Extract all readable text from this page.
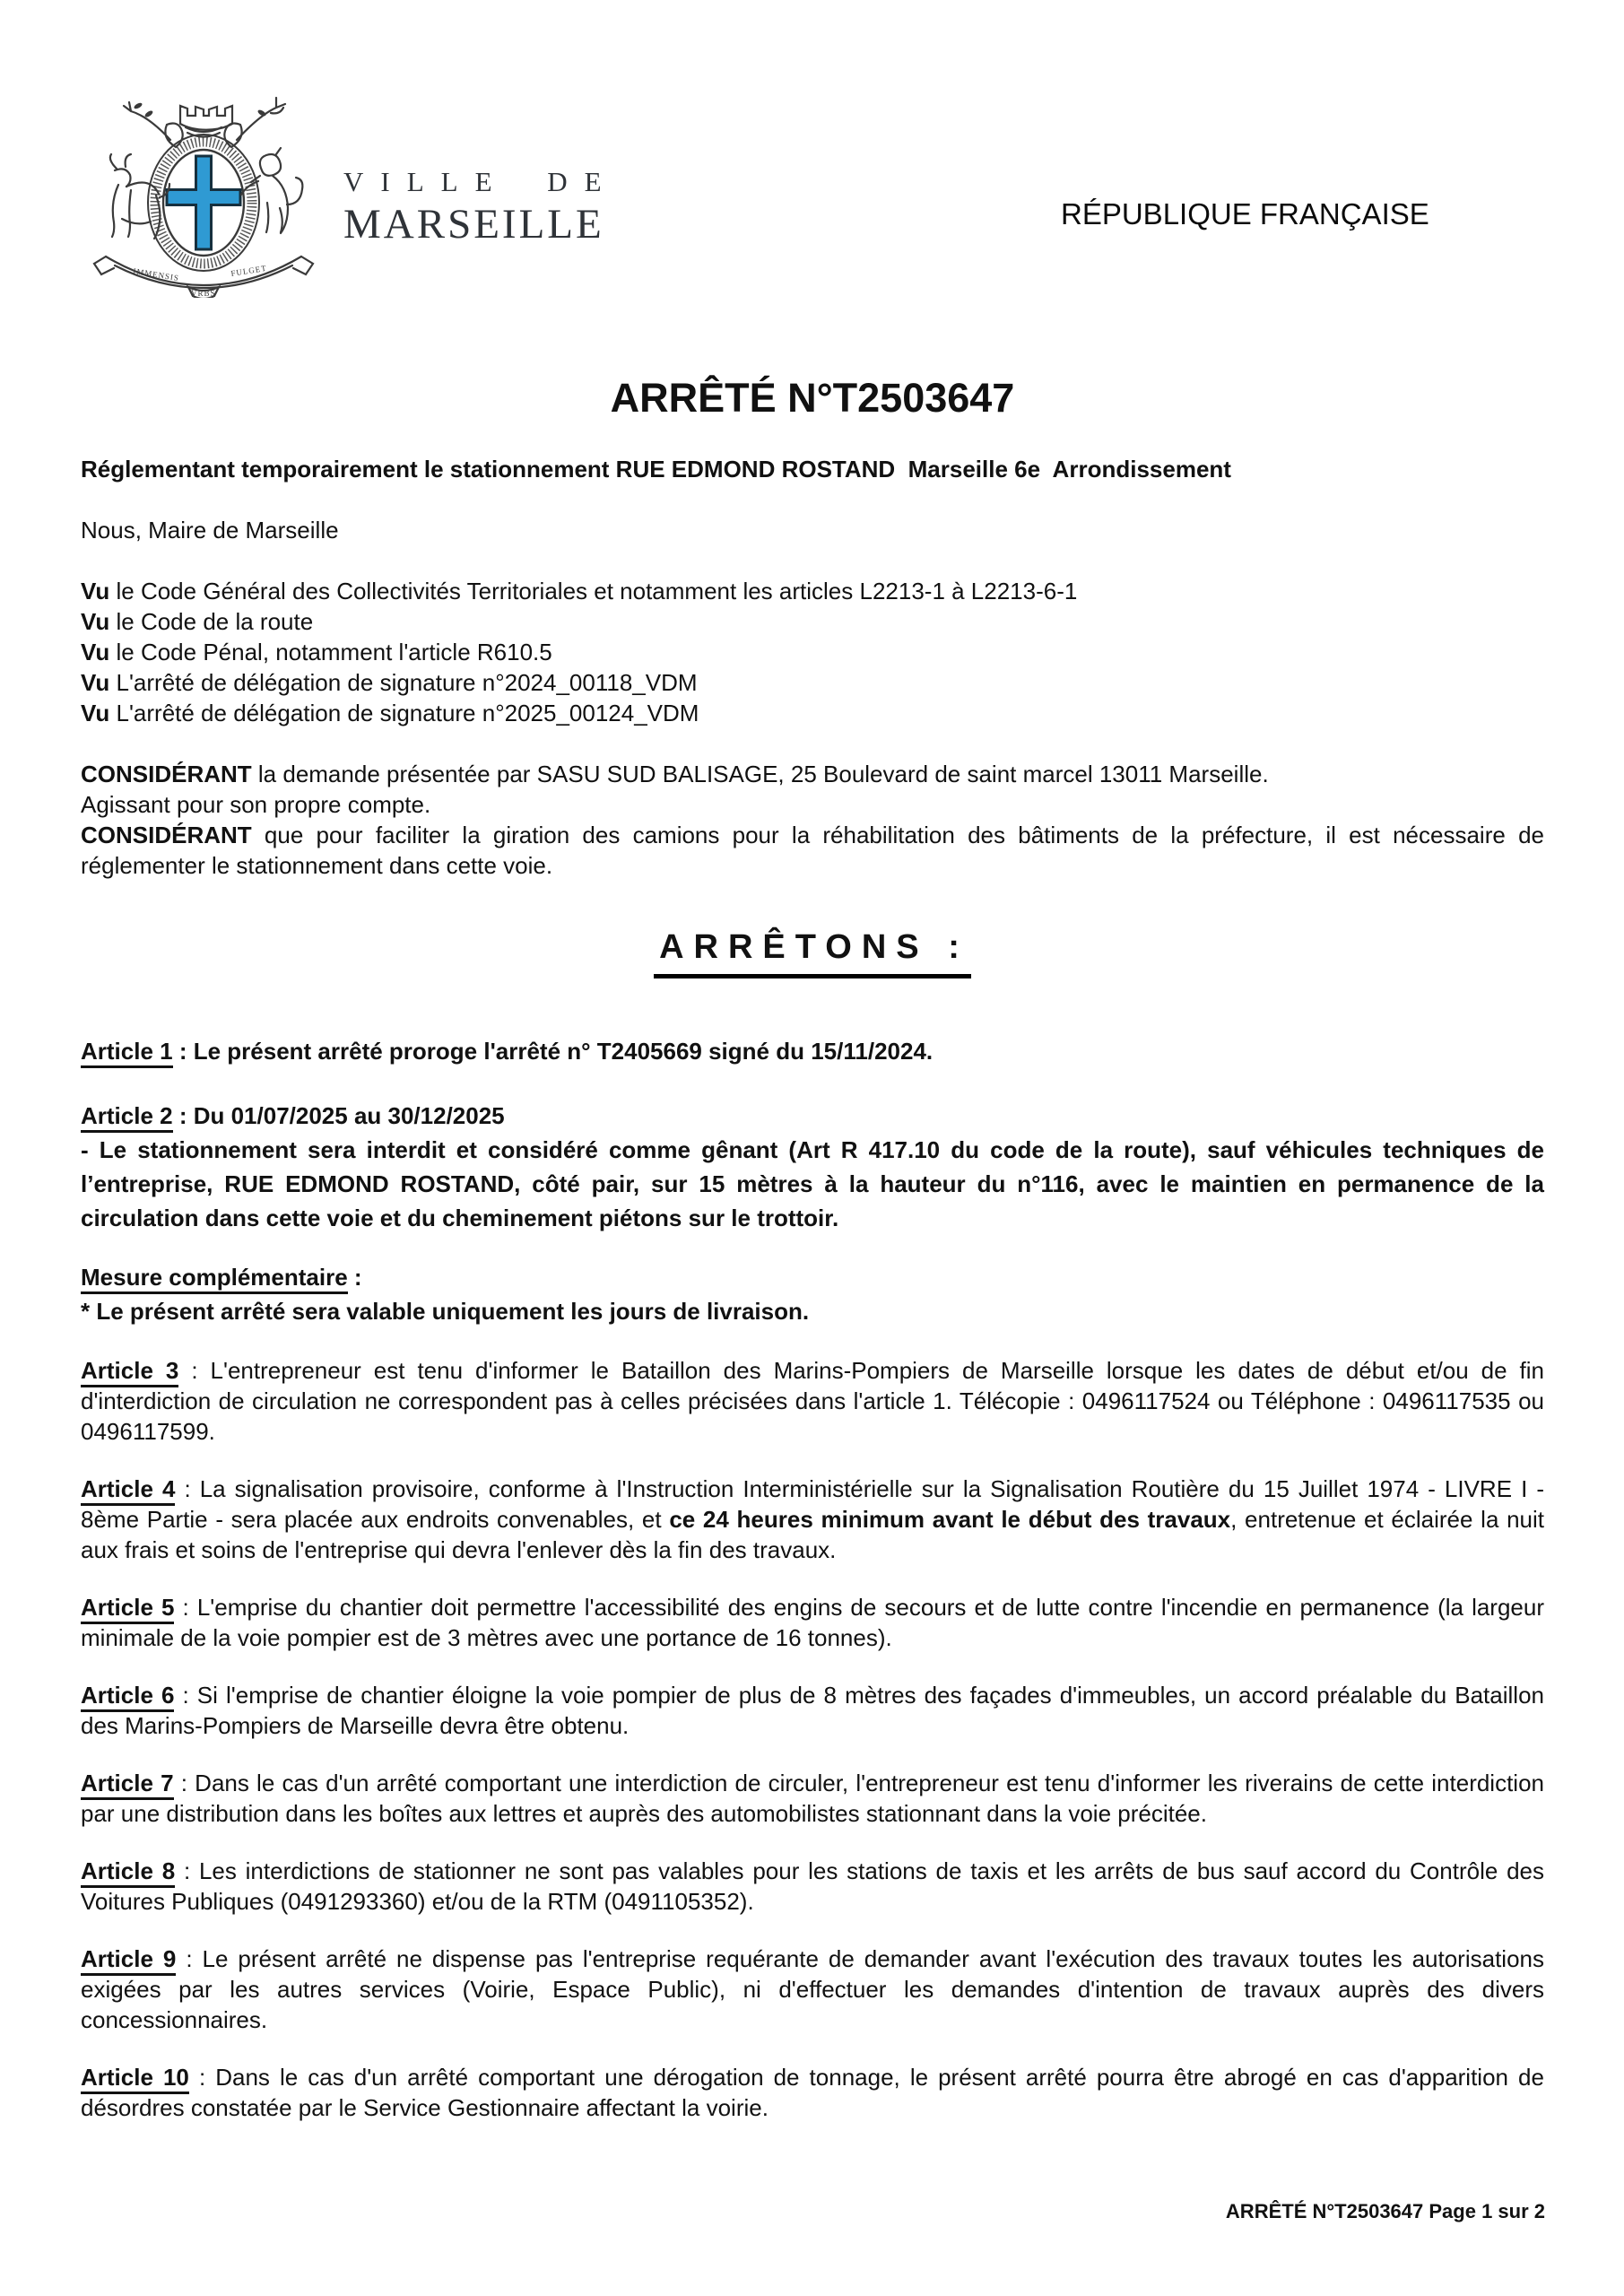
IMMENSIS	FULGET
VRBS
VILLE DE
MARSEILLE	RÉPUBLIQUE FRANÇAISE
ARRÊTÉ N°T2503647

Réglementant temporairement le stationnement RUE EDMOND ROSTAND  Marseille 6e  Arrondissement

Nous, Maire de Marseille

Vu le Code Général des Collectivités Territoriales et notamment les articles L2213-1 à L2213-6-1

Vu le Code de la route

Vu le Code Pénal, notamment l'article R610.5

Vu L'arrêté de délégation de signature n°2024_00118_VDM

Vu L'arrêté de délégation de signature n°2025_00124_VDM

CONSIDÉRANT la demande présentée par SASU SUD BALISAGE, 25 Boulevard de saint marcel 13011 Marseille.

Agissant pour son propre compte.

CONSIDÉRANT que pour faciliter la giration des camions pour la réhabilitation des bâtiments de la préfecture, il est nécessaire de réglementer le stationnement dans cette voie.

ARRÊTONS :

Article 1 : Le présent arrêté proroge l'arrêté n° T2405669 signé du 15/11/2024.

Article 2 : Du 01/07/2025 au 30/12/2025
- Le stationnement sera interdit et considéré comme gênant (Art R 417.10 du code de la route), sauf véhicules techniques de l’entreprise, RUE EDMOND ROSTAND, côté pair, sur 15 mètres à la hauteur du n°116, avec le maintien en permanence de la circulation dans cette voie et du cheminement piétons sur le trottoir.

Mesure complémentaire :
* Le présent arrêté sera valable uniquement les jours de livraison.

Article 3 : L'entrepreneur est tenu d'informer le Bataillon des Marins-Pompiers de Marseille lorsque les dates de début et/ou de fin d'interdiction de circulation ne correspondent pas à celles précisées dans l'article 1. Télécopie : 0496117524 ou Téléphone : 0496117535 ou 0496117599.

Article 4 : La signalisation provisoire, conforme à l'Instruction Interministérielle sur la Signalisation Routière du 15 Juillet 1974 - LIVRE I - 8ème Partie - sera placée aux endroits convenables, et ce 24 heures minimum avant le début des travaux, entretenue et éclairée la nuit aux frais et soins de l'entreprise qui devra l'enlever dès la fin des travaux.

Article 5 : L'emprise du chantier doit permettre l'accessibilité des engins de secours et de lutte contre l'incendie en permanence (la largeur minimale de la voie pompier est de 3 mètres avec une portance de 16 tonnes).

Article 6 : Si l'emprise de chantier éloigne la voie pompier de plus de 8 mètres des façades d'immeubles, un accord préalable du Bataillon des Marins-Pompiers de Marseille devra être obtenu.

Article 7 : Dans le cas d'un arrêté comportant une interdiction de circuler, l'entrepreneur est tenu d'informer les riverains de cette interdiction par une distribution dans les boîtes aux lettres et auprès des automobilistes stationnant dans la voie précitée.

Article 8 : Les interdictions de stationner ne sont pas valables pour les stations de taxis et les arrêts de bus sauf accord du Contrôle des Voitures Publiques (0491293360) et/ou de la RTM (0491105352).

Article 9 : Le présent arrêté ne dispense pas l'entreprise requérante de demander avant l'exécution des travaux toutes les autorisations exigées par les autres services (Voirie, Espace Public), ni d'effectuer les demandes d'intention de travaux auprès des divers concessionnaires.

Article 10 : Dans le cas d'un arrêté comportant une dérogation de tonnage, le présent arrêté pourra être abrogé en cas d'apparition de désordres constatée par le Service Gestionnaire affectant la voirie.

ARRÊTÉ N°T2503647 Page 1 sur 2
